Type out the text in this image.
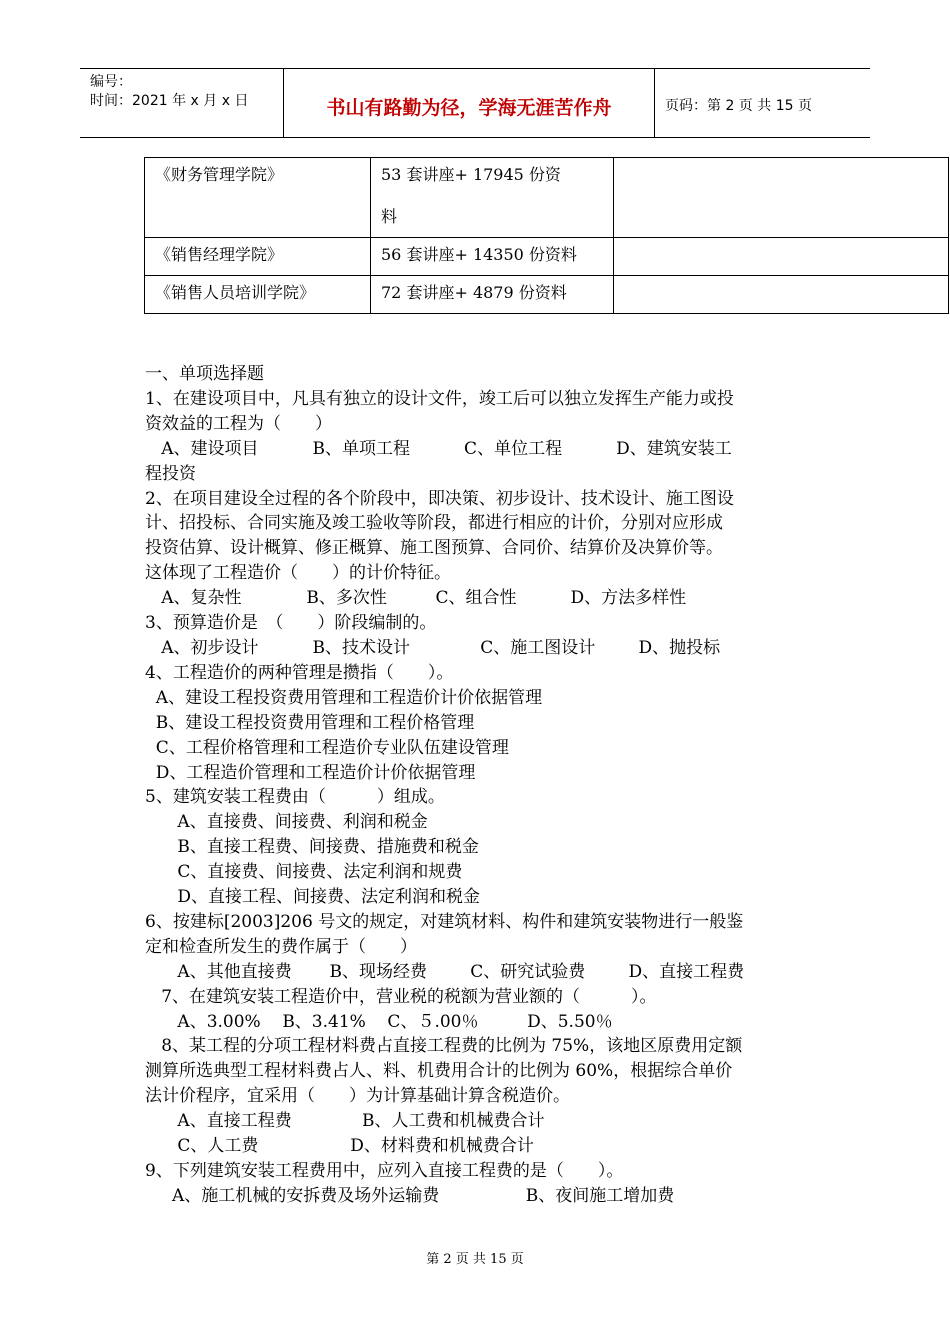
编号：
时间：2021 年 x 月 x 日	书山有路勤为径，学海无涯苦作舟	页码：第 2 页 共 15 页
《财务管理学院》	53 套讲座+ 17945 份资
料	

《销售经理学院》	56 套讲座+ 14350 份资料	
《销售人员培训学院》	72 套讲座+ 4879 份资料	
一、单项选择题
1、在建设项目中，凡具有独立的设计文件，竣工后可以独立发挥生产能力或投
资效益的工程为（　　）
A、建设项目          B、单项工程          C、单位工程          D、建筑安装工
程投资
2、在项目建设全过程的各个阶段中，即决策、初步设计、技术设计、施工图设
计、招投标、合同实施及竣工验收等阶段，都进行相应的计价，分别对应形成
投资估算、设计概算、修正概算、施工图预算、合同价、结算价及决算价等。
这体现了工程造价（　　）的计价特征。
A、复杂性            B、多次性         C、组合性          D、方法多样性
3、预算造价是　（　　）阶段编制的。
A、初步设计          B、技术设计             C、施工图设计        D、抛投标
4、工程造价的两种管理是攒指（　　）。
A、建设工程投资费用管理和工程造价计价依据管理
B、建设工程投资费用管理和工程价格管理
C、工程价格管理和工程造价专业队伍建设管理
D、工程造价管理和工程造价计价依据管理
5、建筑安装工程费由（　　　）组成。
A、直接费、间接费、利润和税金
B、直接工程费、间接费、措施费和税金
C、直接费、间接费、法定利润和规费
D、直接工程、间接费、法定利润和税金
6、按建标[2003]206 号文的规定，对建筑材料、构件和建筑安装物进行一般鉴
定和检查所发生的费作属于（　　）
A、其他直接费       B、现场经费        C、研究试验费        D、直接工程费
7、在建筑安装工程造价中，营业税的税额为营业额的（　　　）。
A、3.00%    B、3.41%    C、５.00％         D、5.50％
8、某工程的分项工程材料费占直接工程费的比例为 75%，该地区原费用定额
测算所选典型工程材料费占人、料、机费用合计的比例为 60%，根据综合单价
法计价程序，宜采用（　　）为计算基础计算含税造价。
A、直接工程费             B、人工费和机械费合计
C、人工费                 D、材料费和机械费合计
9、下列建筑安装工程费用中，应列入直接工程费的是（　　）。
A、施工机械的安拆费及场外运输费                B、夜间施工增加费
第 2 页 共 15 页
